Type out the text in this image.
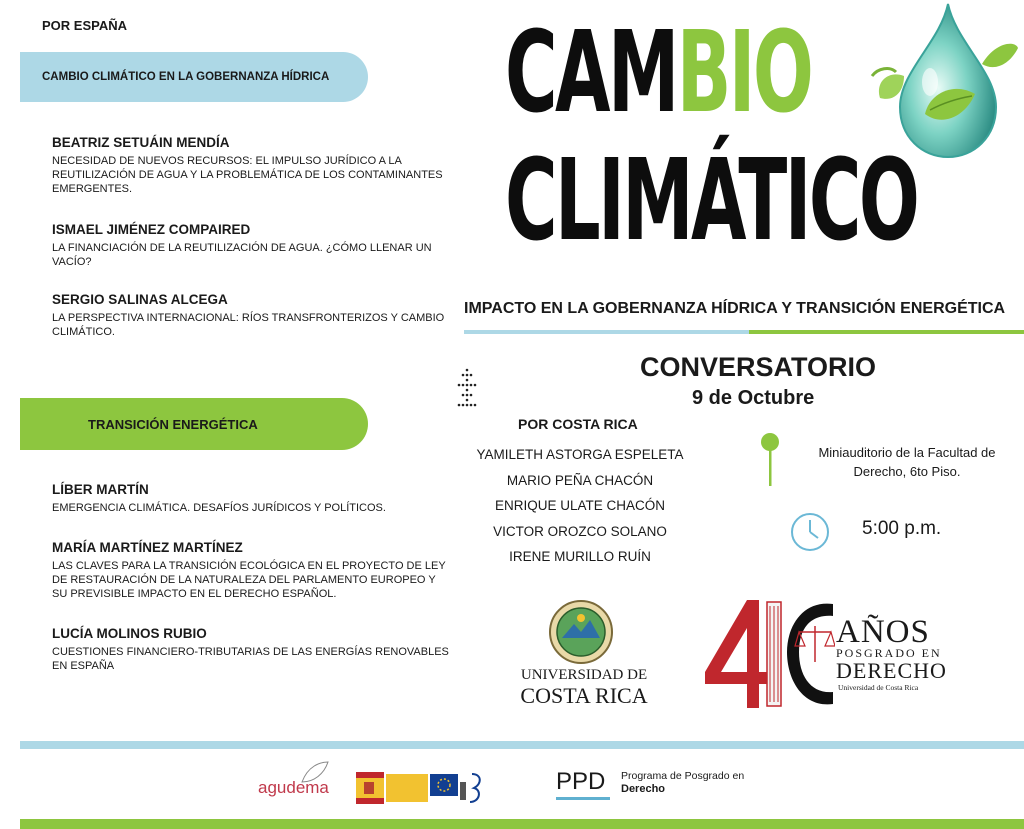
POR ESPAÑA
CAMBIO CLIMÁTICO EN LA GOBERNANZA HÍDRICA
BEATRIZ SETUÁIN MENDÍA
NECESIDAD DE NUEVOS RECURSOS: EL IMPULSO JURÍDICO A LA REUTILIZACIÓN DE AGUA Y LA PROBLEMÁTICA DE LOS CONTAMINANTES EMERGENTES.
ISMAEL JIMÉNEZ COMPAIRED
LA FINANCIACIÓN DE LA REUTILIZACIÓN DE AGUA. ¿CÓMO LLENAR UN VACÍO?
SERGIO SALINAS ALCEGA
LA PERSPECTIVA INTERNACIONAL: RÍOS TRANSFRONTERIZOS Y CAMBIO CLIMÁTICO.
TRANSICIÓN ENERGÉTICA
LÍBER MARTÍN
EMERGENCIA CLIMÁTICA. DESAFÍOS JURÍDICOS Y POLÍTICOS.
MARÍA MARTÍNEZ MARTÍNEZ
LAS CLAVES PARA LA TRANSICIÓN ECOLÓGICA EN EL PROYECTO DE LEY DE RESTAURACIÓN DE LA NATURALEZA DEL PARLAMENTO EUROPEO Y SU PREVISIBLE IMPACTO EN EL DERECHO ESPAÑOL.
LUCÍA MOLINOS RUBIO
CUESTIONES FINANCIERO-TRIBUTARIAS DE LAS ENERGÍAS RENOVABLES EN ESPAÑA
CAMBIO
CLIMÁTICO
IMPACTO EN LA GOBERNANZA HÍDRICA Y TRANSICIÓN ENERGÉTICA
CONVERSATORIO
9 de Octubre
POR COSTA RICA
YAMILETH ASTORGA ESPELETA
MARIO PEÑA CHACÓN
ENRIQUE ULATE CHACÓN
VICTOR OROZCO SOLANO
IRENE MURILLO RUÍN
Miniauditorio de la Facultad de Derecho, 6to Piso.
5:00 p.m.
UNIVERSIDAD DE
COSTA RICA
AÑOS
POSGRADO EN
DERECHO
Universidad de Costa Rica
agudema	PPD Programa de Posgrado en
Derecho
